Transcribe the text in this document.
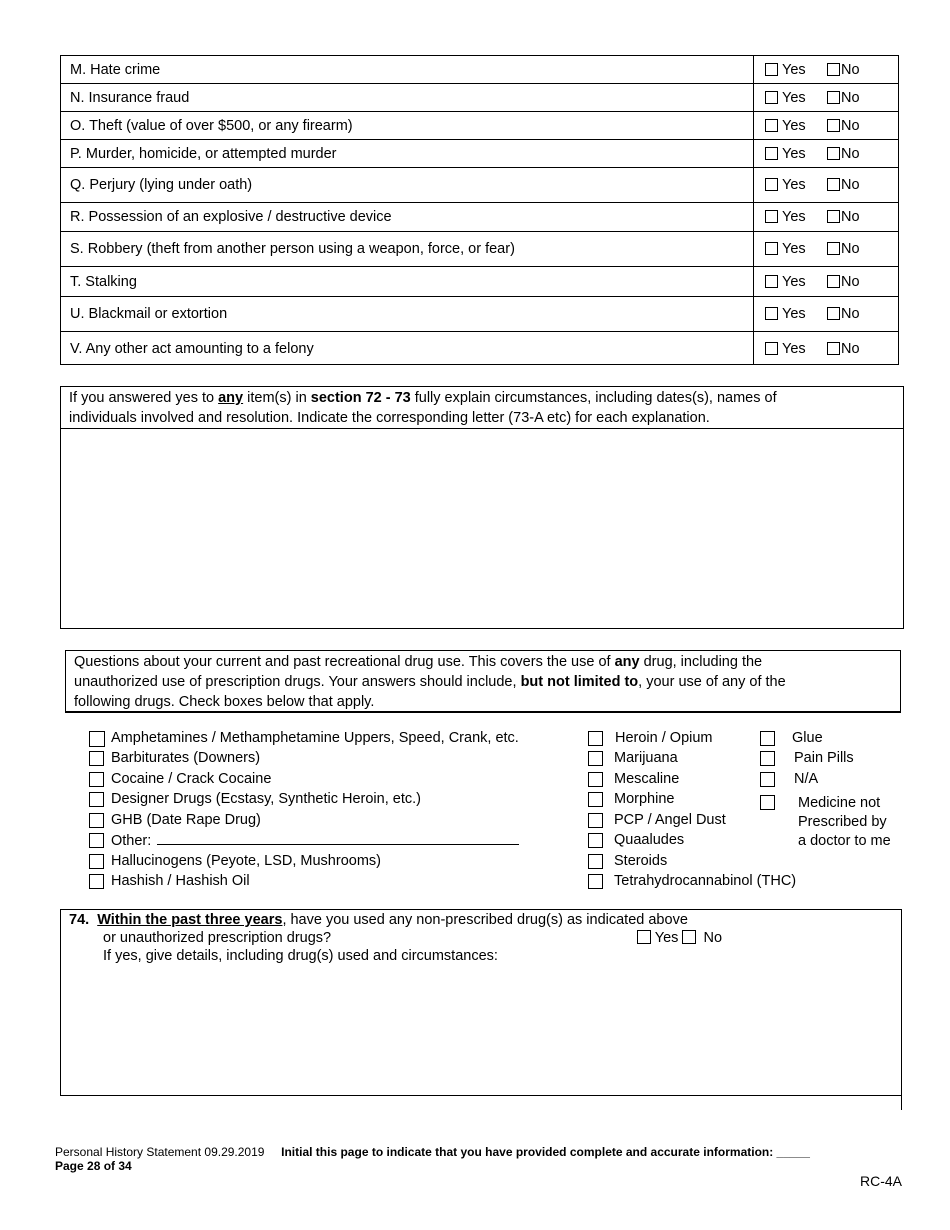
M. Hate crime	Yes	No
N. Insurance fraud	Yes	No
O. Theft (value of over $500, or any firearm)	Yes	No
P. Murder, homicide, or attempted murder	Yes	No
Q. Perjury (lying under oath)	Yes	No
R. Possession of an explosive / destructive device	Yes	No
S. Robbery (theft from another person using a weapon, force, or fear)	Yes	No
T. Stalking	Yes	No
U. Blackmail or extortion	Yes	No
V. Any other act amounting to a felony	Yes	No
If you answered yes to any item(s) in section 72 - 73 fully explain circumstances, including dates(s), names of
individuals involved and resolution. Indicate the corresponding letter (73-A etc) for each explanation.
Questions about your current and past recreational drug use. This covers the use of any drug, including the
unauthorized use of prescription drugs. Your answers should include, but not limited to, your use of any of the
following drugs. Check boxes below that apply.
Amphetamines / Methamphetamine Uppers, Speed, Crank, etc.
Barbiturates (Downers)
Cocaine / Crack Cocaine
Designer Drugs (Ecstasy, Synthetic Heroin, etc.)
GHB (Date Rape Drug)
Other:
Hallucinogens (Peyote, LSD, Mushrooms)
Hashish / Hashish Oil
Heroin / Opium
Marijuana
Mescaline
Morphine
PCP / Angel Dust
Quaaludes
Steroids
Tetrahydrocannabinol (THC)
Glue
Pain Pills
N/A
Medicine not
Prescribed by
a doctor to me
74. Within the past three years, have you used any non-prescribed drug(s) as indicated above
or unauthorized prescription drugs?	Yes No
If yes, give details, including drug(s) used and circumstances:
Personal History Statement 09.29.2019 Initial this page to indicate that you have provided complete and accurate information: _____
Page 28 of 34
RC-4A
